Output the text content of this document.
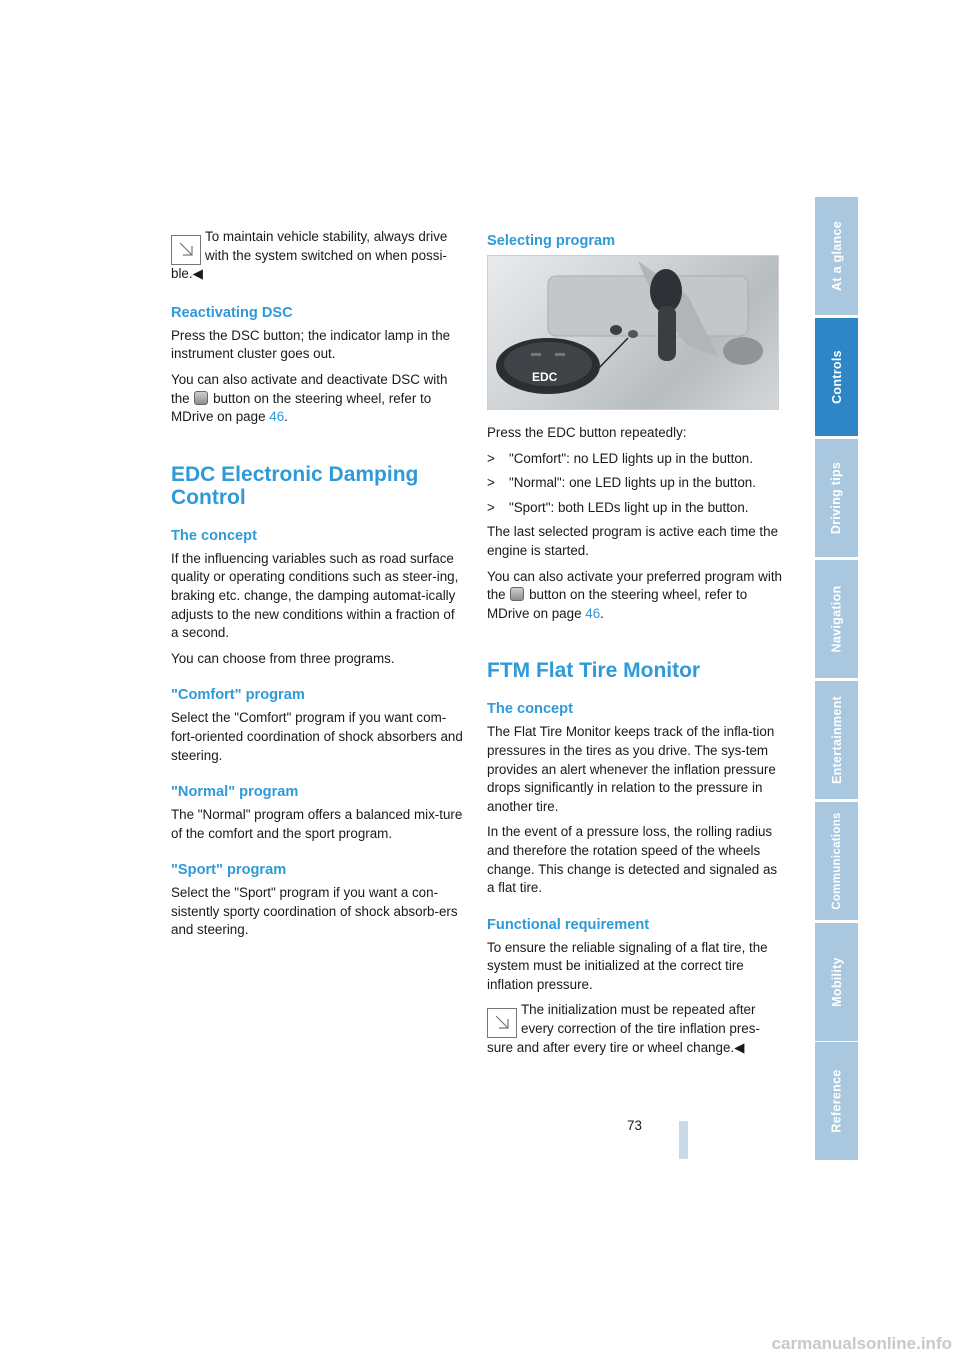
To maintain vehicle stability, always drive
with the system switched on when possi-
ble.◀

Reactivating DSC

Press the DSC button; the indicator lamp in the instrument cluster goes out.

You can also activate and deactivate DSC with the  button on the steering wheel, refer to MDrive on page 46.

EDC Electronic Damping Control
The concept

If the influencing variables such as road surface quality or operating conditions such as steer-ing, braking etc. change, the damping automat-ically adjusts to the new conditions within a fraction of a second.

You can choose from three programs.

"Comfort" program

Select the "Comfort" program if you want com-fort-oriented coordination of shock absorbers and steering.

"Normal" program

The "Normal" program offers a balanced mix-ture of the comfort and the sport program.

"Sport" program

Select the "Sport" program if you want a con-sistently sporty coordination of shock absorb-ers and steering.

Selecting program
EDC

Press the EDC button repeatedly:

>	"Comfort": no LED lights up in the button.
>	"Normal": one LED lights up in the button.
>	"Sport": both LEDs light up in the button.

The last selected program is active each time the engine is started.

You can also activate your preferred program with the  button on the steering wheel, refer to MDrive on page 46.

FTM Flat Tire Monitor
The concept

The Flat Tire Monitor keeps track of the infla-tion pressures in the tires as you drive. The sys-tem provides an alert whenever the inflation pressure drops significantly in relation to the pressure in another tire.

In the event of a pressure loss, the rolling radius and therefore the rotation speed of the wheels change. This change is detected and signaled as a flat tire.

Functional requirement

To ensure the reliable signaling of a flat tire, the system must be initialized at the correct tire inflation pressure.

The initialization must be repeated after
every correction of the tire inflation pres-
sure and after every tire or wheel change.◀

At a glance
Controls
Driving tips
Navigation
Entertainment
Communications
Mobility
Reference
73
carmanualsonline.info
